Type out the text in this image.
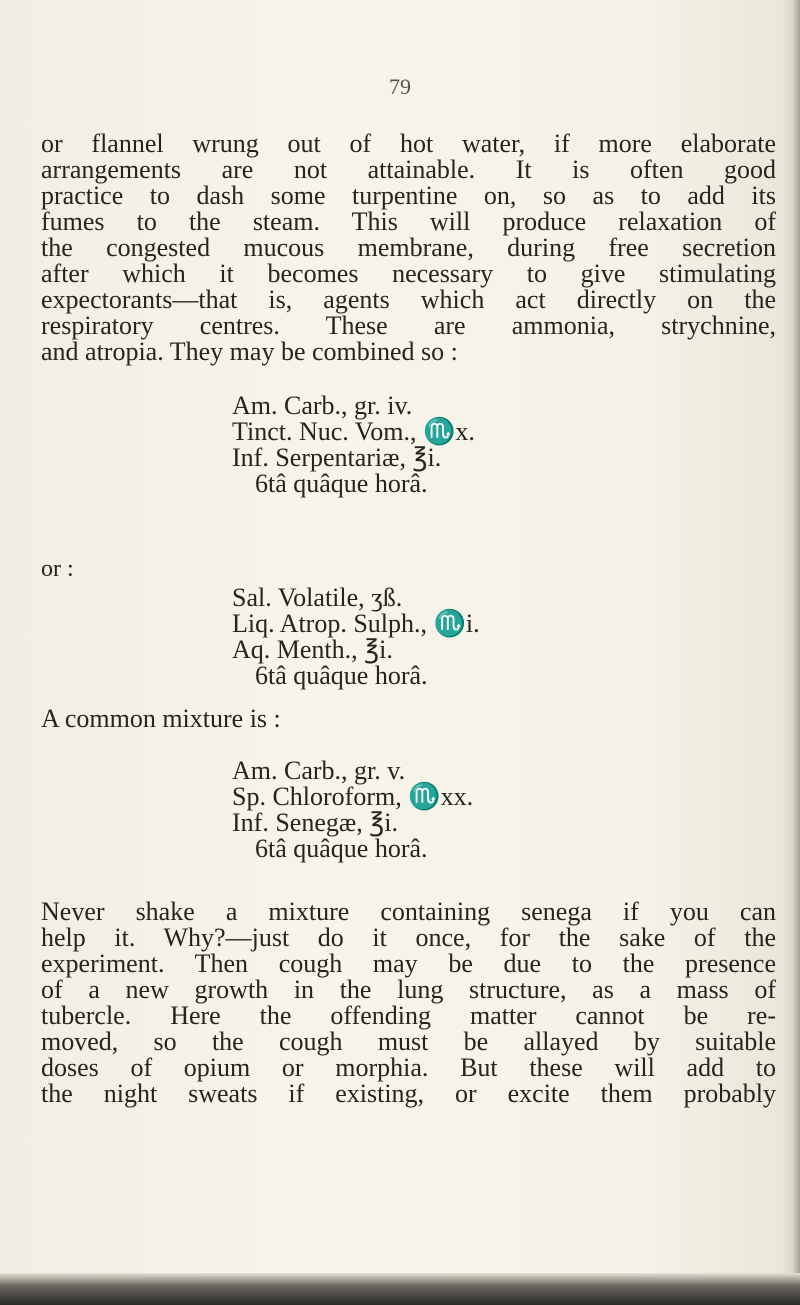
79
or flannel wrung out of hot water, if more elaborate
arrangements are not attainable. It is often good
practice to dash some turpentine on, so as to add its
fumes to the steam. This will produce relaxation of
the congested mucous membrane, during free secretion
after which it becomes necessary to give stimulating
expectorants—that is, agents which act directly on the
respiratory centres. These are ammonia, strychnine,
and atropia. They may be combined so :
Am. Carb., gr. iv.
Tinct. Nuc. Vom., ♏x.
Inf. Serpentariæ, ℥i.
6tâ quâque horâ.
or :
Sal. Volatile, ʒß.
Liq. Atrop. Sulph., ♏i.
Aq. Menth., ℥i.
6tâ quâque horâ.
A common mixture is :
Am. Carb., gr. v.
Sp. Chloroform, ♏xx.
Inf. Senegæ, ℥i.
6tâ quâque horâ.
Never shake a mixture containing senega if you can
help it. Why?—just do it once, for the sake of the
experiment. Then cough may be due to the presence
of a new growth in the lung structure, as a mass of
tubercle. Here the offending matter cannot be re-
moved, so the cough must be allayed by suitable
doses of opium or morphia. But these will add to
the night sweats if existing, or excite them probably
